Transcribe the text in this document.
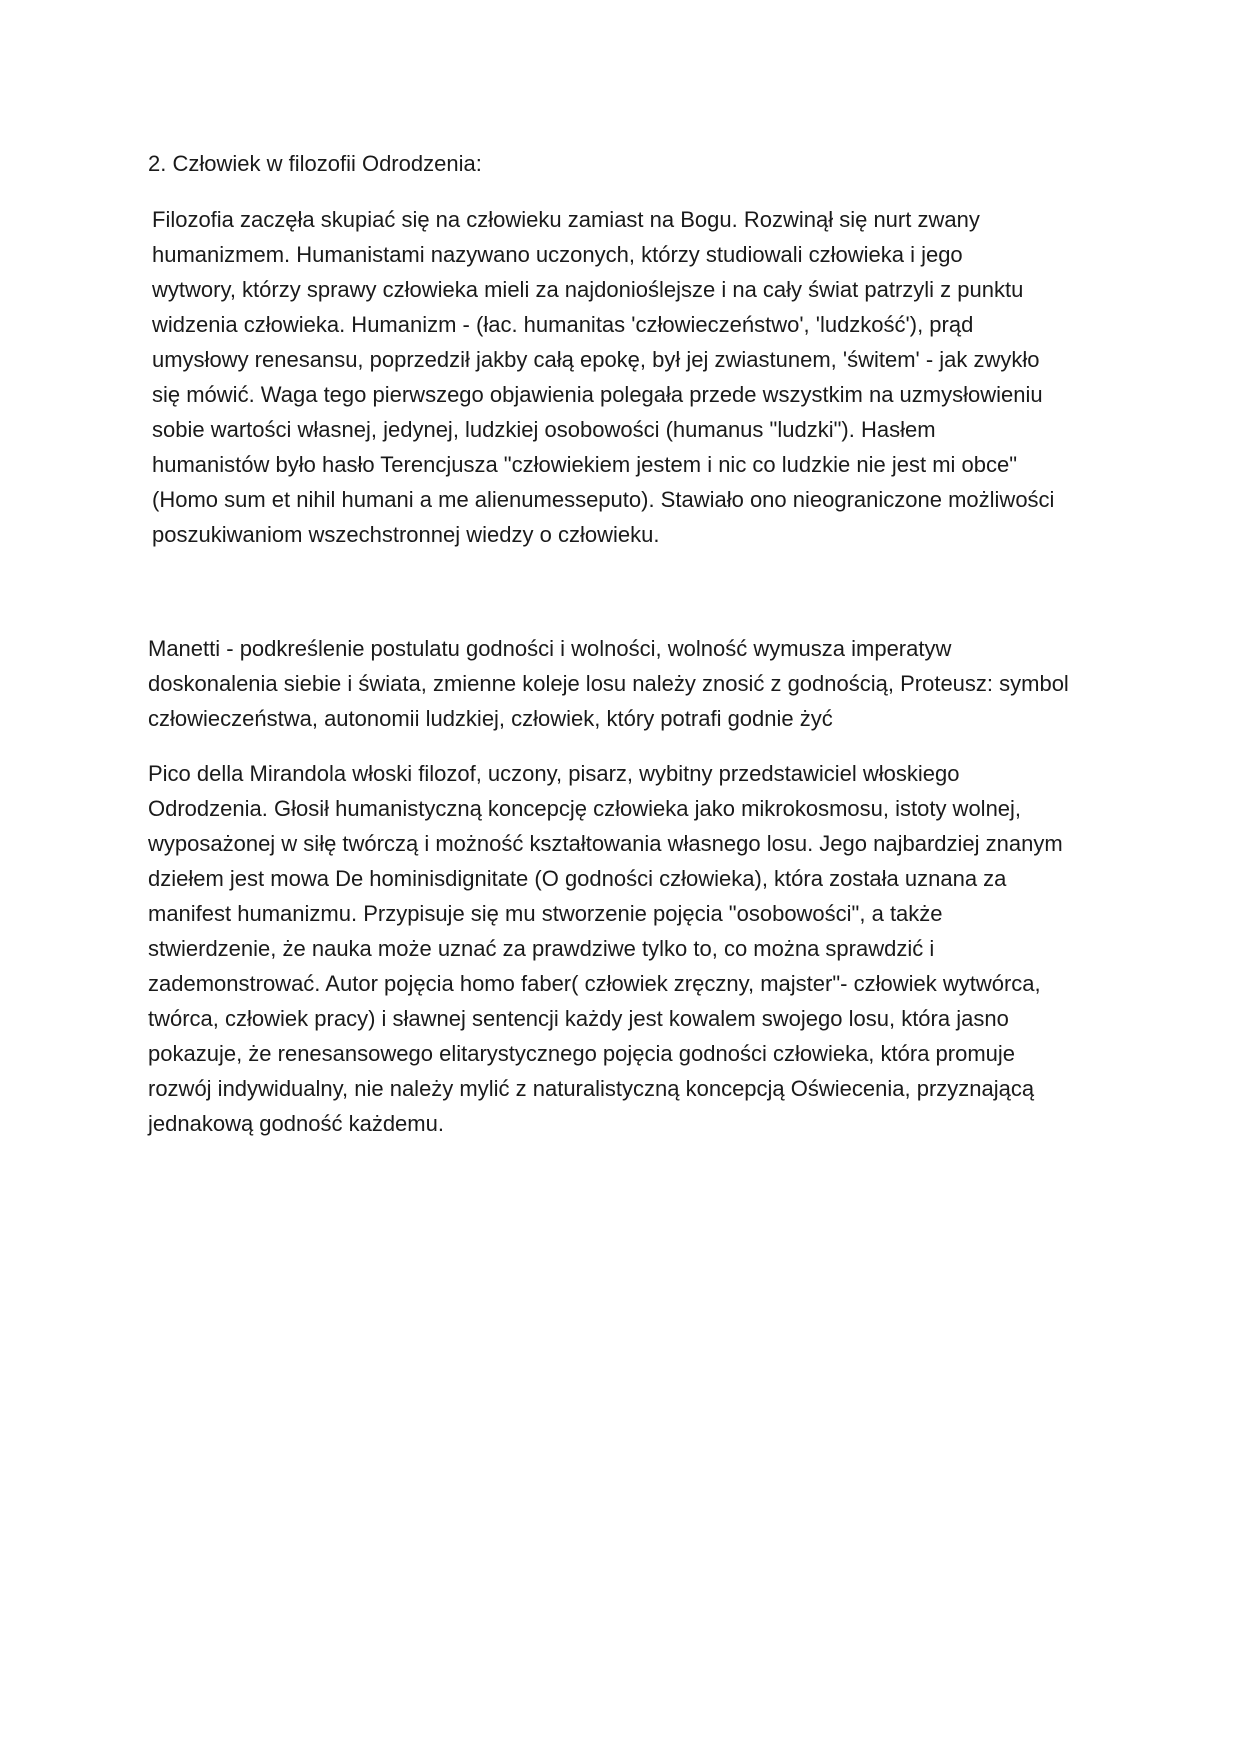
2. Człowiek w filozofii Odrodzenia:

Filozofia zaczęła skupiać się na człowieku zamiast na Bogu. Rozwinął się nurt zwany
humanizmem. Humanistami nazywano uczonych, którzy studiowali człowieka i jego
wytwory, którzy sprawy człowieka mieli za najdonioślejsze i na cały świat patrzyli z punktu
widzenia człowieka. Humanizm - (łac. humanitas 'człowieczeństwo', 'ludzkość'), prąd
umysłowy renesansu, poprzedził jakby całą epokę, był jej zwiastunem, 'świtem' - jak zwykło
się mówić. Waga tego pierwszego objawienia polegała przede wszystkim na uzmysłowieniu
sobie wartości własnej, jedynej, ludzkiej osobowości (humanus "ludzki"). Hasłem
humanistów było hasło Terencjusza "człowiekiem jestem i nic co ludzkie nie jest mi obce"
(Homo sum et nihil humani a me alienumesseputo). Stawiało ono nieograniczone możliwości
poszukiwaniom wszechstronnej wiedzy o człowieku.
Manetti - podkreślenie postulatu godności i wolności, wolność wymusza imperatyw
doskonalenia siebie i świata, zmienne koleje losu należy znosić z godnością, Proteusz: symbol
człowieczeństwa, autonomii ludzkiej, człowiek, który potrafi godnie żyć
Pico della Mirandola włoski filozof, uczony, pisarz, wybitny przedstawiciel włoskiego
Odrodzenia. Głosił humanistyczną koncepcję człowieka jako mikrokosmosu, istoty wolnej,
wyposażonej w siłę twórczą i możność kształtowania własnego losu. Jego najbardziej znanym
dziełem jest mowa De hominisdignitate (O godności człowieka), która została uznana za
manifest humanizmu. Przypisuje się mu stworzenie pojęcia "osobowości", a także
stwierdzenie, że nauka może uznać za prawdziwe tylko to, co można sprawdzić i
zademonstrować. Autor pojęcia homo faber( człowiek zręczny, majster"- człowiek wytwórca,
twórca, człowiek pracy) i sławnej sentencji każdy jest kowalem swojego losu, która jasno
pokazuje, że renesansowego elitarystycznego pojęcia godności człowieka, która promuje
rozwój indywidualny, nie należy mylić z naturalistyczną koncepcją Oświecenia, przyznającą
jednakową godność każdemu.
